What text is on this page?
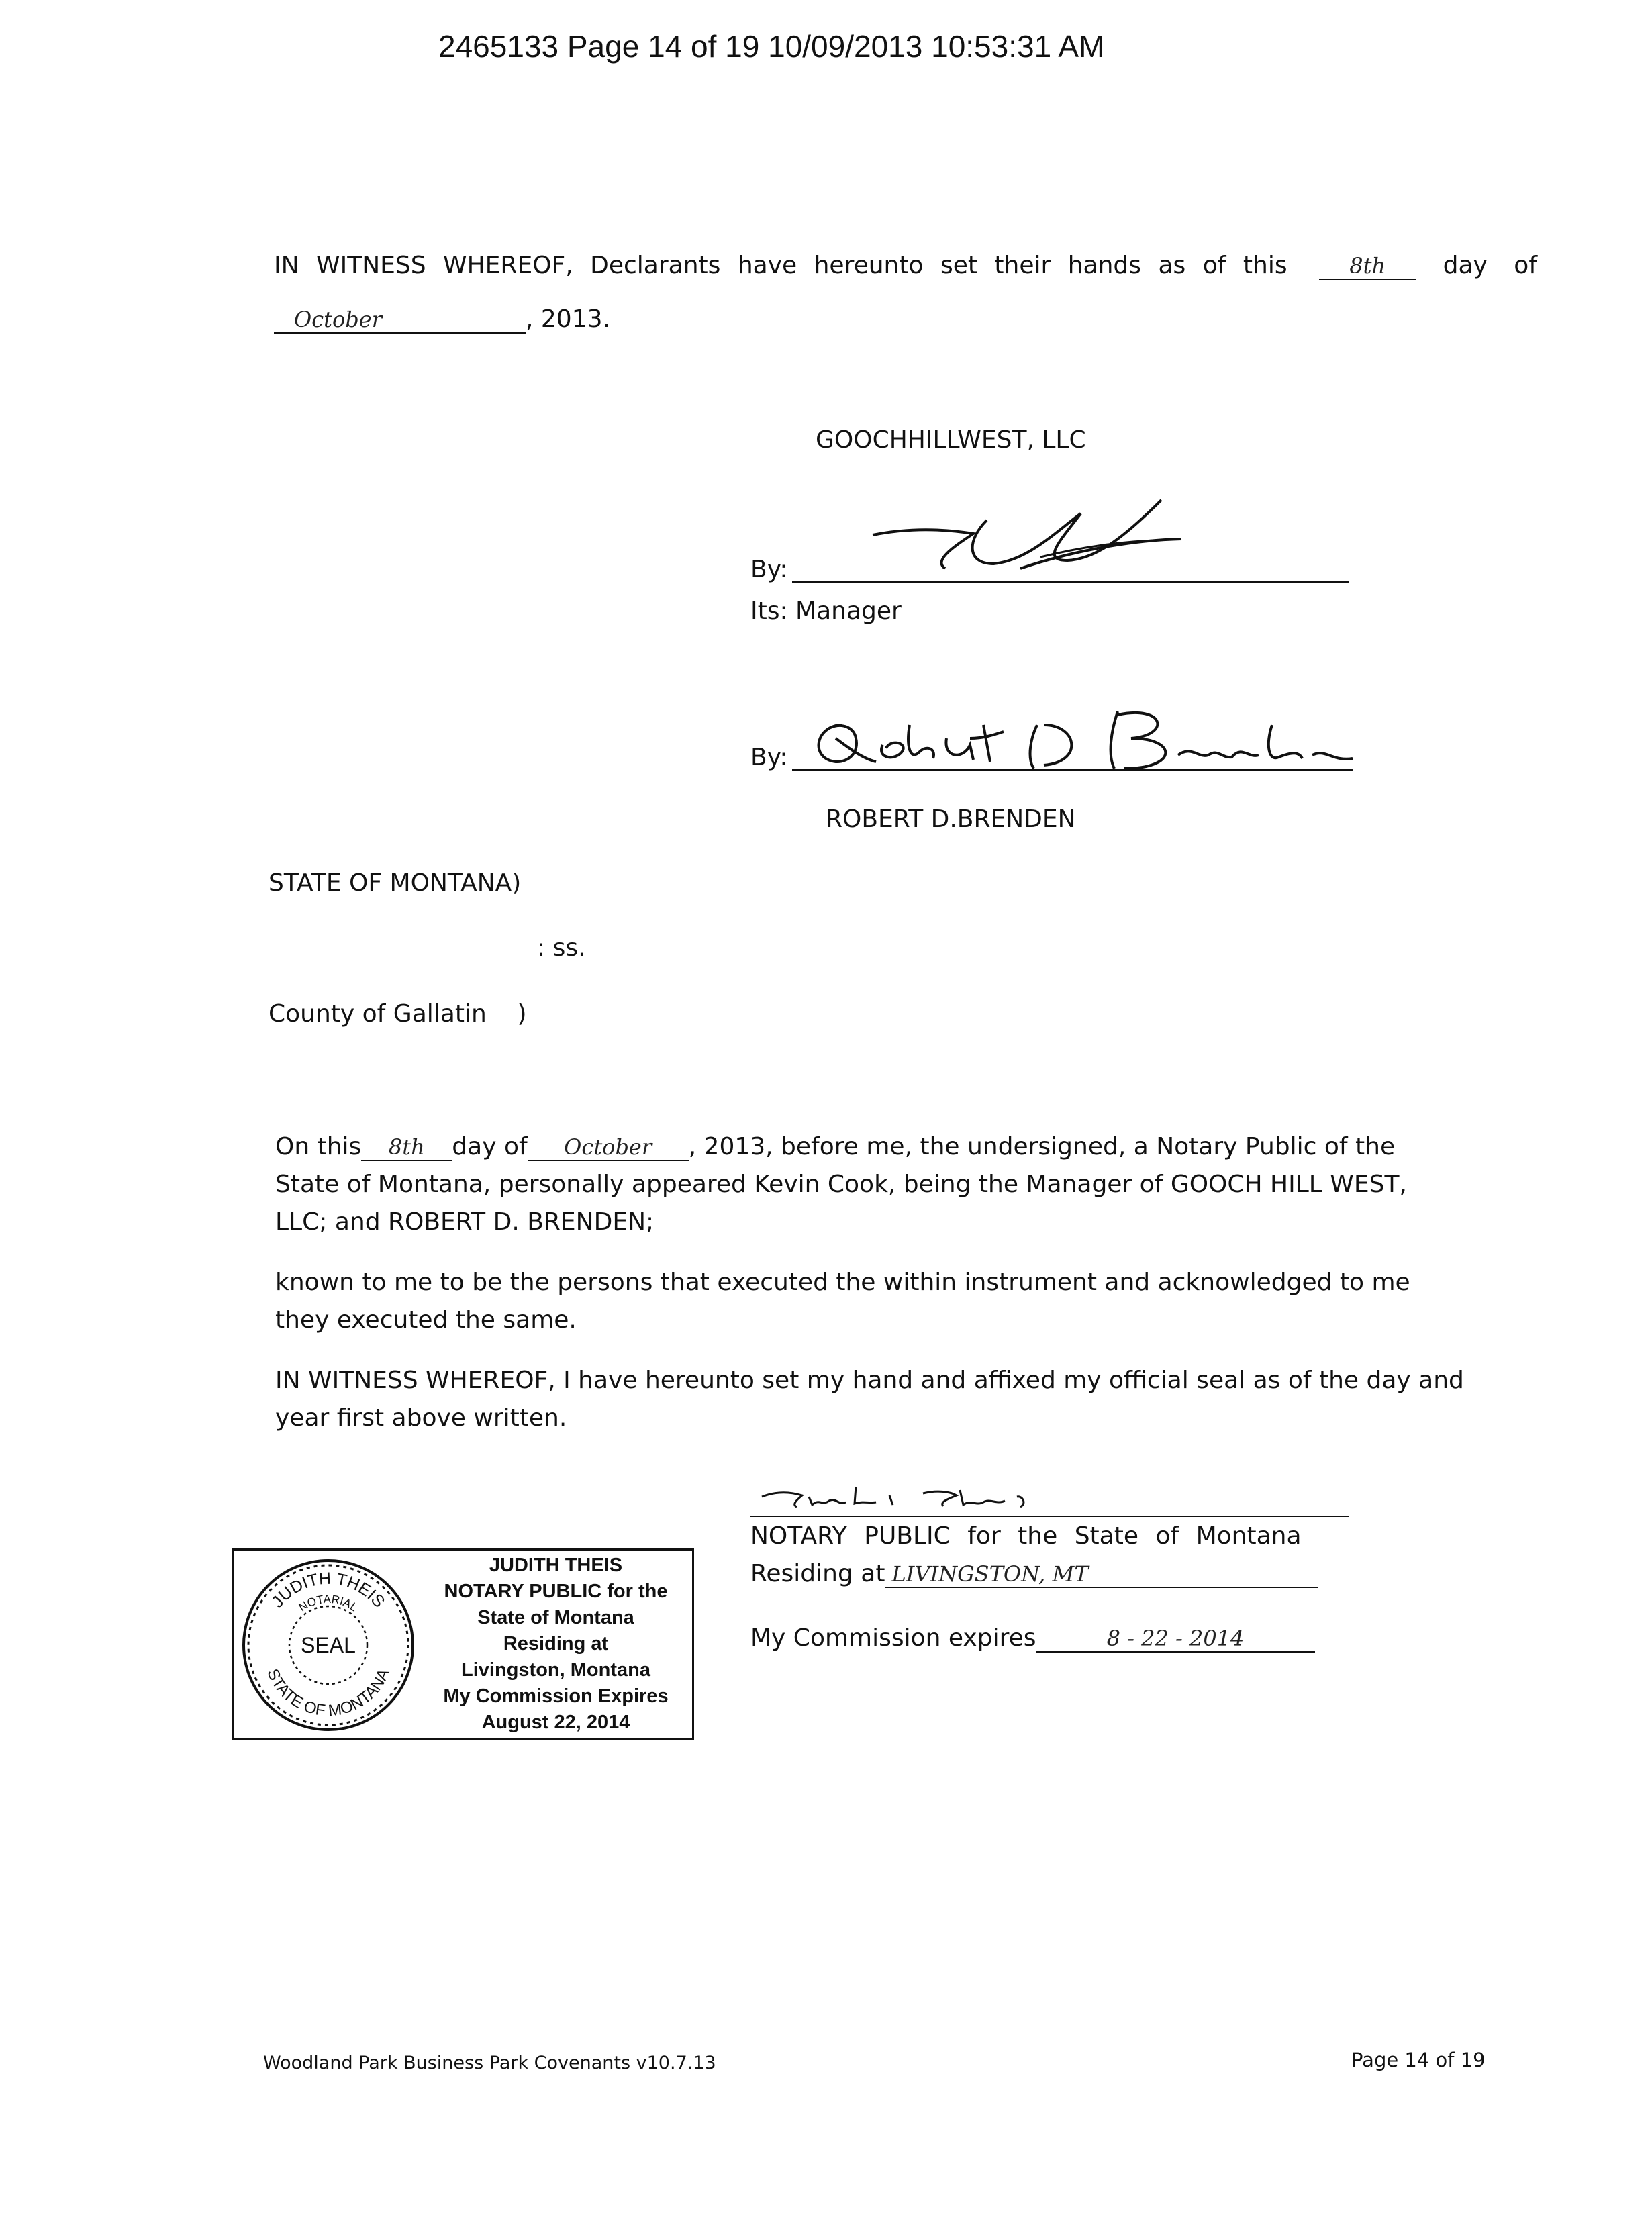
2465133 Page 14 of 19 10/09/2013 10:53:31 AM
IN WITNESS WHEREOF, Declarants have hereunto set their hands as of this	8th	day of
October	, 2013.
GOOCHHILLWEST, LLC
By:
Its: Manager
By:
ROBERT D.BRENDEN
STATE OF MONTANA)
: ss.
County of Gallatin    )
On this 8th day of October , 2013, before me, the undersigned, a Notary Public of the
State of Montana, personally appeared Kevin Cook, being the Manager of GOOCH HILL WEST,
LLC; and ROBERT D. BRENDEN;
known to me to be the persons that executed the within instrument and acknowledged to me
they executed the same.
IN WITNESS WHEREOF, I have hereunto set my hand and affixed my official seal as of the day and
year first above written.
NOTARY PUBLIC for the State of Montana
Residing at LIVINGSTON, MT
My Commission expires	8 - 22 - 2014
JUDITH THEIS
NOTARIAL
SEAL
STATE OF MONTANA
JUDITH THEIS
NOTARY PUBLIC for the
State of Montana
Residing at
Livingston, Montana
My Commission Expires
August 22, 2014
Woodland Park Business Park Covenants v10.7.13	Page 14 of 19
